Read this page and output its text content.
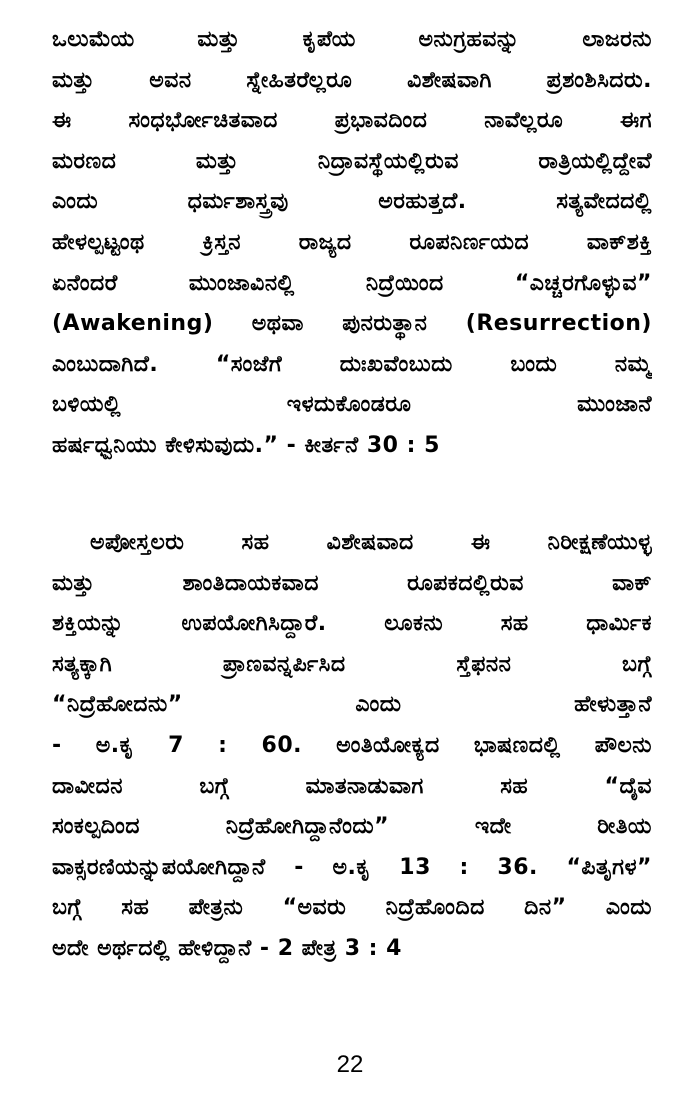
ಒಲುಮೆಯ ಮತ್ತು ಕೃಪೆಯ ಅನುಗ್ರಹವನ್ನು ಲಾಜರನು
ಮತ್ತು ಅವನ ಸ್ನೇಹಿತರೆಲ್ಲರೂ ವಿಶೇಷವಾಗಿ ಪ್ರಶಂಶಿಸಿದರು.
ಈ ಸಂಧರ್ಭೋಚಿತವಾದ ಪ್ರಭಾವದಿಂದ ನಾವೆಲ್ಲರೂ ಈಗ
ಮರಣದ ಮತ್ತು ನಿದ್ರಾವಸ್ಥೆಯಲ್ಲಿರುವ ರಾತ್ರಿಯಲ್ಲಿದ್ದೇವೆ
ಎಂದು ಧರ್ಮಶಾಸ್ತ್ರವು ಅರಹುತ್ತದೆ. ಸತ್ಯವೇದದಲ್ಲಿ
ಹೇಳಲ್ಪಟ್ಟಂಥ ಕ್ರಿಸ್ತನ ರಾಜ್ಯದ ರೂಪನಿರ್ಣಯದ ವಾಕ್‌ಶಕ್ತಿ
ಏನೆಂದರೆ ಮುಂಜಾವಿನಲ್ಲಿ ನಿದ್ರೆಯಿಂದ “ಎಚ್ಚರಗೊಳ್ಳುವ”
(Awakening) ಅಥವಾ ಪುನರುತ್ಥಾನ (Resurrection)
ಎಂಬುದಾಗಿದೆ. “ಸಂಜೆಗೆ ದುಃಖವೆಂಬುದು ಬಂದು ನಮ್ಮ
ಬಳಿಯಲ್ಲಿ ಇಳದುಕೊಂಡರೂ ಮುಂಜಾನೆ
ಹರ್ಷಧ್ವನಿಯು ಕೇಳಿಸುವುದು.” - ಕೀರ್ತನೆ 30 : 5
ಅಪೋಸ್ತಲರು ಸಹ ವಿಶೇಷವಾದ ಈ ನಿರೀಕ್ಷಣೆಯುಳ್ಳ
ಮತ್ತು ಶಾಂತಿದಾಯಕವಾದ ರೂಪಕದಲ್ಲಿರುವ ವಾಕ್
ಶಕ್ತಿಯನ್ನು ಉಪಯೋಗಿಸಿದ್ದಾರೆ. ಲೂಕನು ಸಹ ಧಾರ್ಮಿಕ
ಸತ್ಯಕ್ಕಾಗಿ ಪ್ರಾಣವನ್ನರ್ಪಿಸಿದ ಸ್ತೆಫನನ ಬಗ್ಗೆ
“ನಿದ್ರೆಹೋದನು” ಎಂದು ಹೇಳುತ್ತಾನೆ
- ಅ.ಕೃ 7 : 60. ಅಂತಿಯೋಕ್ಯದ ಭಾಷಣದಲ್ಲಿ ಪೌಲನು
ದಾವೀದನ ಬಗ್ಗೆ ಮಾತನಾಡುವಾಗ ಸಹ “ದೈವ
ಸಂಕಲ್ಪದಿಂದ ನಿದ್ರೆಹೋಗಿದ್ದಾನೆಂದು” ಇದೇ ರೀತಿಯ
ವಾಕ್ಸರಣಿಯನ್ನುಪಯೋಗಿದ್ದಾನೆ - ಅ.ಕೃ 13 : 36. “ಪಿತೃಗಳ”
ಬಗ್ಗೆ ಸಹ ಪೇತ್ರನು “ಅವರು ನಿದ್ರೆಹೊಂದಿದ ದಿನ” ಎಂದು
ಅದೇ ಅರ್ಥದಲ್ಲಿ ಹೇಳಿದ್ದಾನೆ - 2 ಪೇತ್ರ 3 : 4
22
